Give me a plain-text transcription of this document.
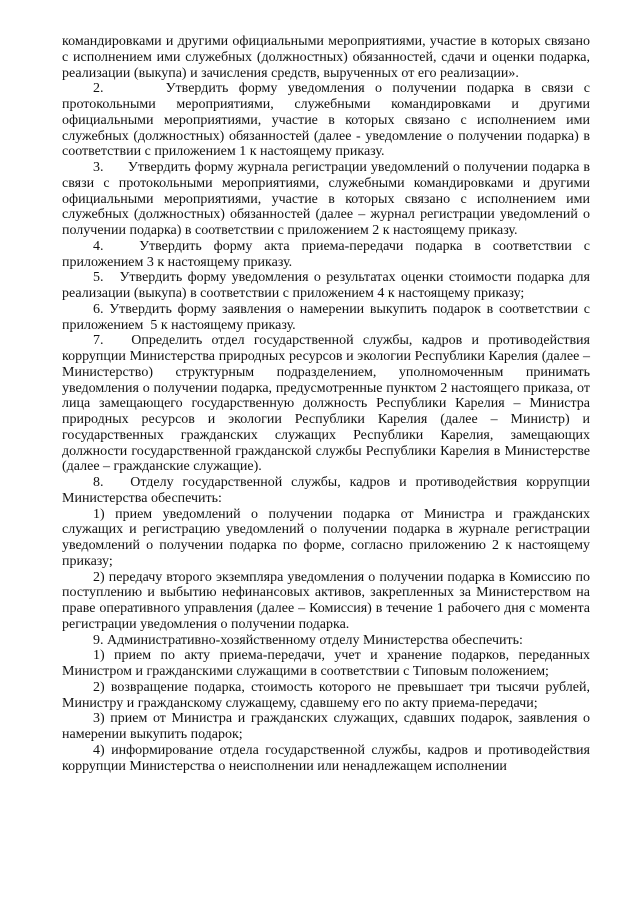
командировками и другими официальными мероприятиями, участие в которых связано с исполнением ими служебных (должностных) обязанностей, сдачи и оценки подарка, реализации (выкупа) и зачисления средств, вырученных от его реализации».

2.      Утвердить форму уведомления о получении подарка в связи с протокольными мероприятиями, служебными командировками и другими официальными мероприятиями, участие в которых связано с исполнением ими служебных (должностных) обязанностей (далее - уведомление о получении подарка) в соответствии с приложением 1 к настоящему приказу.

3.      Утвердить форму журнала регистрации уведомлений о получении подарка в связи с протокольными мероприятиями, служебными командировками и другими официальными мероприятиями, участие в которых связано с исполнением ими служебных (должностных) обязанностей (далее – журнал регистрации уведомлений о получении подарка) в соответствии с приложением 2 к настоящему приказу.

4.   Утвердить форму акта приема-передачи подарка в соответствии с приложением 3 к настоящему приказу.

5.   Утвердить форму уведомления о результатах оценки стоимости подарка для реализации (выкупа) в соответствии с приложением 4 к настоящему приказу;

6. Утвердить форму заявления о намерении выкупить подарок в соответствии с приложением  5 к настоящему приказу.

7.   Определить отдел государственной службы, кадров и противодействия коррупции Министерства природных ресурсов и экологии Республики Карелия (далее – Министерство) структурным подразделением, уполномоченным принимать уведомления о получении подарка, предусмотренные пунктом 2 настоящего приказа, от лица замещающего государственную должность Республики Карелия – Министра природных ресурсов и экологии Республики Карелия (далее – Министр) и государственных гражданских служащих Республики Карелия, замещающих должности государственной гражданской службы Республики Карелия в Министерстве (далее – гражданские служащие).

8.   Отделу государственной службы, кадров и противодействия коррупции Министерства обеспечить:

1) прием уведомлений о получении подарка от Министра и гражданских служащих и регистрацию уведомлений о получении подарка в журнале регистрации уведомлений о получении подарка по форме, согласно приложению 2 к настоящему приказу;

2) передачу второго экземпляра уведомления о получении подарка в Комиссию по поступлению и выбытию нефинансовых активов, закрепленных за Министерством на праве оперативного управления (далее – Комиссия) в течение 1 рабочего дня с момента регистрации уведомления о получении подарка.

9. Административно-хозяйственному отделу Министерства обеспечить:

1) прием по акту приема-передачи, учет и хранение подарков, переданных Министром и гражданскими служащими в соответствии с Типовым положением;

2) возвращение подарка, стоимость которого не превышает три тысячи рублей, Министру и гражданскому служащему, сдавшему его по акту приема-передачи;

3) прием от Министра и гражданских служащих, сдавших подарок, заявления о намерении выкупить подарок;

4) информирование отдела государственной службы, кадров и противодействия коррупции Министерства о неисполнении или ненадлежащем исполнении
